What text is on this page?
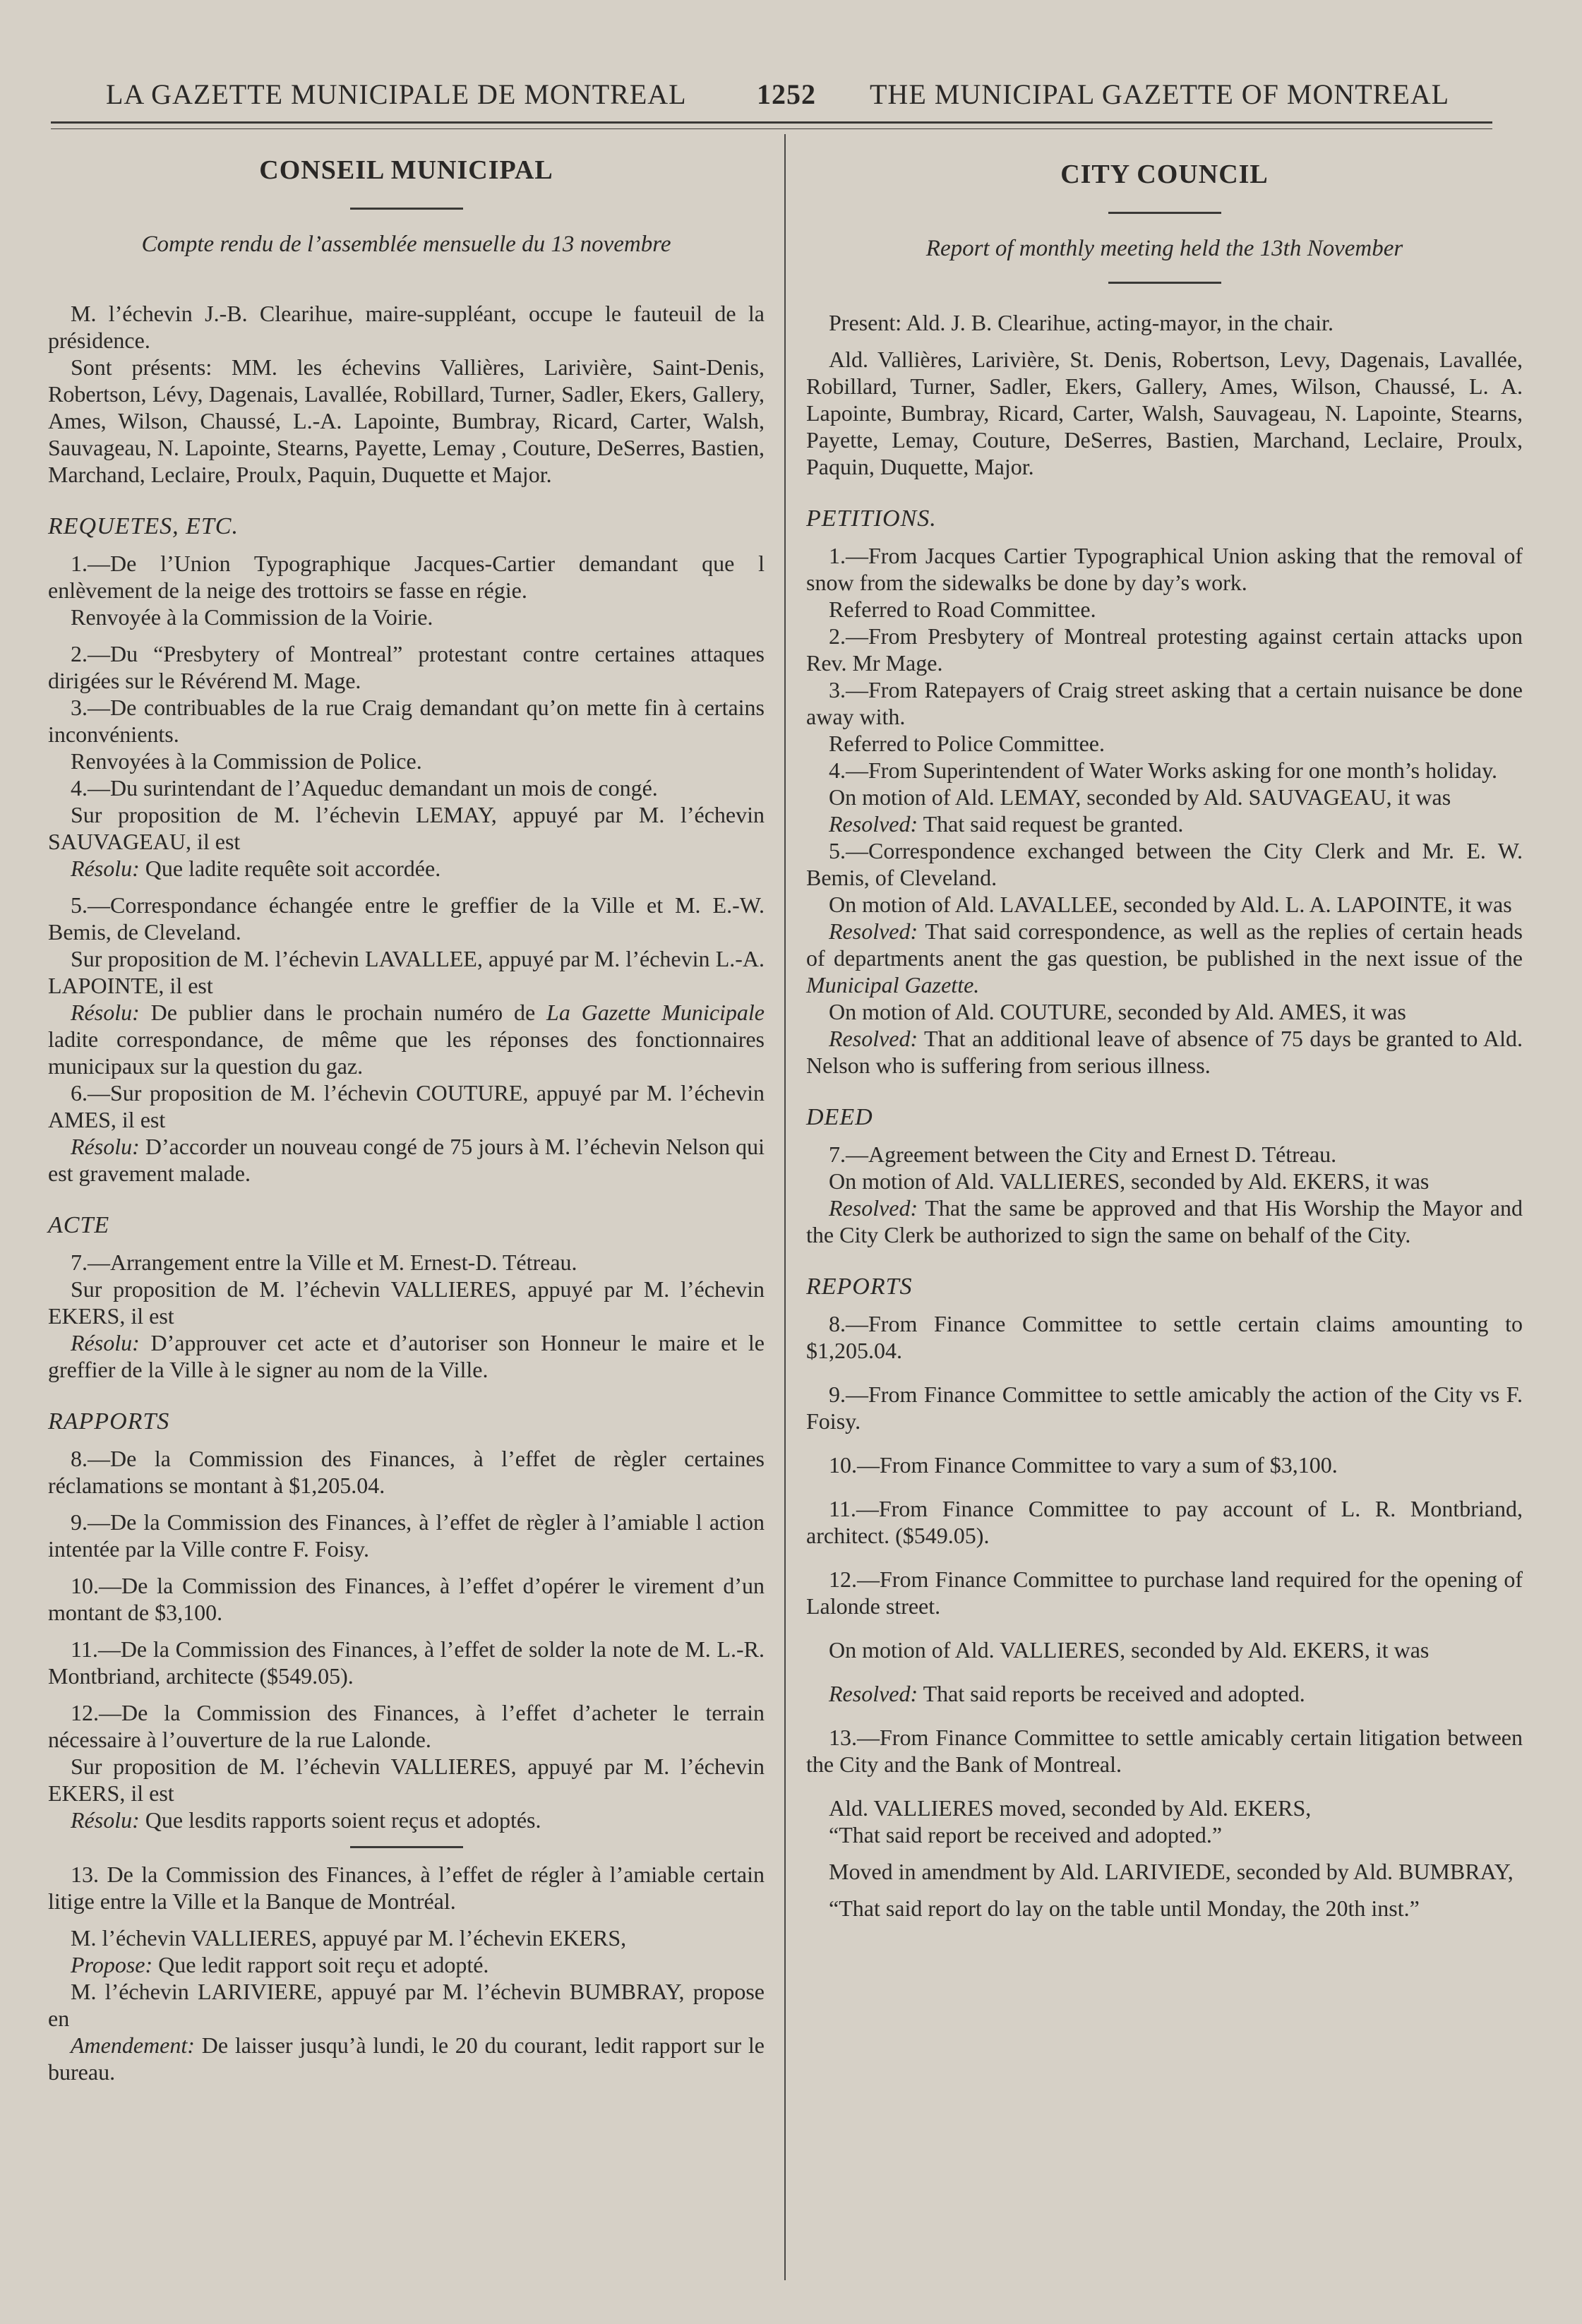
LA GAZETTE MUNICIPALE DE MONTREAL 1252 THE MUNICIPAL GAZETTE OF MONTREAL
CONSEIL MUNICIPAL
Compte rendu de l’assemblée mensuelle du 13 novembre

M. l’échevin J.-B. Clearihue, maire-suppléant, occupe le fauteuil de la présidence.

Sont présents: MM. les échevins Vallières, Larivière, Saint-Denis, Robertson, Lévy, Dagenais, Lavallée, Robillard, Turner, Sadler, Ekers, Gallery, Ames, Wilson, Chaussé, L.-A. Lapointe, Bumbray, Ricard, Carter, Walsh, Sauvageau, N. Lapointe, Stearns, Payette, Lemay , Couture, DeSerres, Bastien, Marchand, Leclaire, Proulx, Paquin, Duquette et Major.

REQUETES, ETC.

1.—De l’Union Typographique Jacques-Cartier demandant que l enlèvement de la neige des trottoirs se fasse en régie.

Renvoyée à la Commission de la Voirie.

2.—Du “Presbytery of Montreal” protestant contre certaines attaques dirigées sur le Révérend M. Mage.

3.—De contribuables de la rue Craig demandant qu’on mette fin à certains inconvénients.

Renvoyées à la Commission de Police.

4.—Du surintendant de l’Aqueduc demandant un mois de congé.

Sur proposition de M. l’échevin LEMAY, appuyé par M. l’échevin SAUVAGEAU, il est

Résolu: Que ladite requête soit accordée.

5.—Correspondance échangée entre le greffier de la Ville et M. E.-W. Bemis, de Cleveland.

Sur proposition de M. l’échevin LAVALLEE, appuyé par M. l’échevin L.-A. LAPOINTE, il est

Résolu: De publier dans le prochain numéro de La Gazette Municipale ladite correspondance, de même que les réponses des fonctionnaires municipaux sur la question du gaz.

6.—Sur proposition de M. l’échevin COUTURE, appuyé par M. l’échevin AMES, il est

Résolu: D’accorder un nouveau congé de 75 jours à M. l’échevin Nelson qui est gravement malade.

ACTE

7.—Arrangement entre la Ville et M. Ernest-D. Tétreau.

Sur proposition de M. l’échevin VALLIERES, appuyé par M. l’échevin EKERS, il est

Résolu: D’approuver cet acte et d’autoriser son Honneur le maire et le greffier de la Ville à le signer au nom de la Ville.

RAPPORTS

8.—De la Commission des Finances, à l’effet de règler certaines réclamations se montant à $1,205.04.

9.—De la Commission des Finances, à l’effet de règler à l’amiable l action intentée par la Ville contre F. Foisy.

10.—De la Commission des Finances, à l’effet d’opérer le virement d’un montant de $3,100.

11.—De la Commission des Finances, à l’effet de solder la note de M. L.-R. Montbriand, architecte ($549.05).

12.—De la Commission des Finances, à l’effet d’acheter le terrain nécessaire à l’ouverture de la rue Lalonde.

Sur proposition de M. l’échevin VALLIERES, appuyé par M. l’échevin EKERS, il est

Résolu: Que lesdits rapports soient reçus et adoptés.

13. De la Commission des Finances, à l’effet de régler à l’amiable certain litige entre la Ville et la Banque de Montréal.

M. l’échevin VALLIERES, appuyé par M. l’échevin EKERS,

Propose: Que ledit rapport soit reçu et adopté.

M. l’échevin LARIVIERE, appuyé par M. l’échevin BUMBRAY, propose en

Amendement: De laisser jusqu’à lundi, le 20 du courant, ledit rapport sur le bureau.

CITY COUNCIL
Report of monthly meeting held the 13th November

Present: Ald. J. B. Clearihue, acting-mayor, in the chair.

Ald. Vallières, Larivière, St. Denis, Robertson, Levy, Dagenais, Lavallée, Robillard, Turner, Sadler, Ekers, Gallery, Ames, Wilson, Chaussé, L. A. Lapointe, Bumbray, Ricard, Carter, Walsh, Sauvageau, N. Lapointe, Stearns, Payette, Lemay, Couture, DeSerres, Bastien, Marchand, Leclaire, Proulx, Paquin, Duquette, Major.

PETITIONS.

1.—From Jacques Cartier Typographical Union asking that the removal of snow from the sidewalks be done by day’s work.

Referred to Road Committee.

2.—From Presbytery of Montreal protesting against certain attacks upon Rev. Mr Mage.

3.—From Ratepayers of Craig street asking that a certain nuisance be done away with.

Referred to Police Committee.

4.—From Superintendent of Water Works asking for one month’s holiday.

On motion of Ald. LEMAY, seconded by Ald. SAUVAGEAU, it was

Resolved: That said request be granted.

5.—Correspondence exchanged between the City Clerk and Mr. E. W. Bemis, of Cleveland.

On motion of Ald. LAVALLEE, seconded by Ald. L. A. LAPOINTE, it was

Resolved: That said correspondence, as well as the replies of certain heads of departments anent the gas question, be published in the next issue of the Municipal Gazette.

On motion of Ald. COUTURE, seconded by Ald. AMES, it was

Resolved: That an additional leave of absence of 75 days be granted to Ald. Nelson who is suffering from serious illness.

DEED

7.—Agreement between the City and Ernest D. Tétreau.

On motion of Ald. VALLIERES, seconded by Ald. EKERS, it was

Resolved: That the same be approved and that His Worship the Mayor and the City Clerk be authorized to sign the same on behalf of the City.

REPORTS

8.—From Finance Committee to settle certain claims amounting to $1,205.04.

9.—From Finance Committee to settle amicably the action of the City vs F. Foisy.

10.—From Finance Committee to vary a sum of $3,100.

11.—From Finance Committee to pay account of L. R. Montbriand, architect. ($549.05).

12.—From Finance Committee to purchase land required for the opening of Lalonde street.

On motion of Ald. VALLIERES, seconded by Ald. EKERS, it was

Resolved: That said reports be received and adopted.

13.—From Finance Committee to settle amicably certain litigation between the City and the Bank of Montreal.

Ald. VALLIERES moved, seconded by Ald. EKERS,

“That said report be received and adopted.”

Moved in amendment by Ald. LARIVIEDE, seconded by Ald. BUMBRAY,

“That said report do lay on the table until Monday, the 20th inst.”
